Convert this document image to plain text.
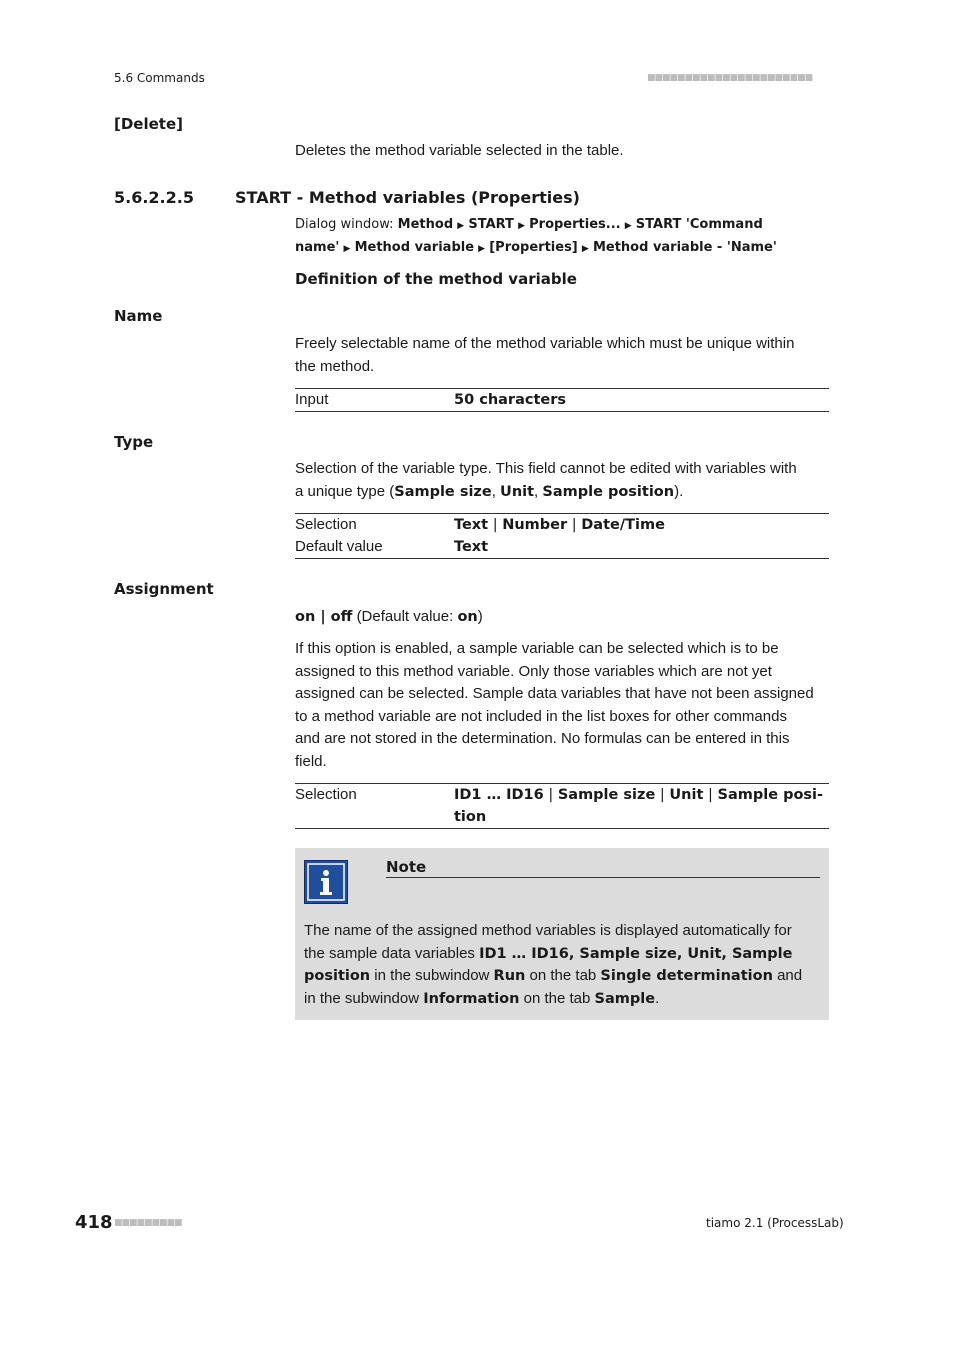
5.6 Commands	■■■■■■■■■■■■■■■■■■■■■■
[Delete]
Deletes the method variable selected in the table.
5.6.2.2.5	START - Method variables (Properties)
Dialog window: Method ▶ START ▶ Properties... ▶ START 'Command
name' ▶ Method variable ▶ [Properties] ▶ Method variable - 'Name'
Definition of the method variable
Name
Freely selectable name of the method variable which must be unique within
the method.
Input	50 characters
Type
Selection of the variable type. This field cannot be edited with variables with
a unique type (Sample size, Unit, Sample position).
Selection	Text | Number | Date/Time
Default value	Text
Assignment
on | off (Default value: on)
If this option is enabled, a sample variable can be selected which is to be
assigned to this method variable. Only those variables which are not yet
assigned can be selected. Sample data variables that have not been assigned
to a method variable are not included in the list boxes for other commands
and are not stored in the determination. No formulas can be entered in this
field.
Selection	ID1 … ID16 | Sample size | Unit | Sample posi-
tion
Note
The name of the assigned method variables is displayed automatically for
the sample data variables ID1 … ID16, Sample size, Unit, Sample
position in the subwindow Run on the tab Single determination and
in the subwindow Information on the tab Sample.
418 ■■■■■■■■■	tiamo 2.1 (ProcessLab)
